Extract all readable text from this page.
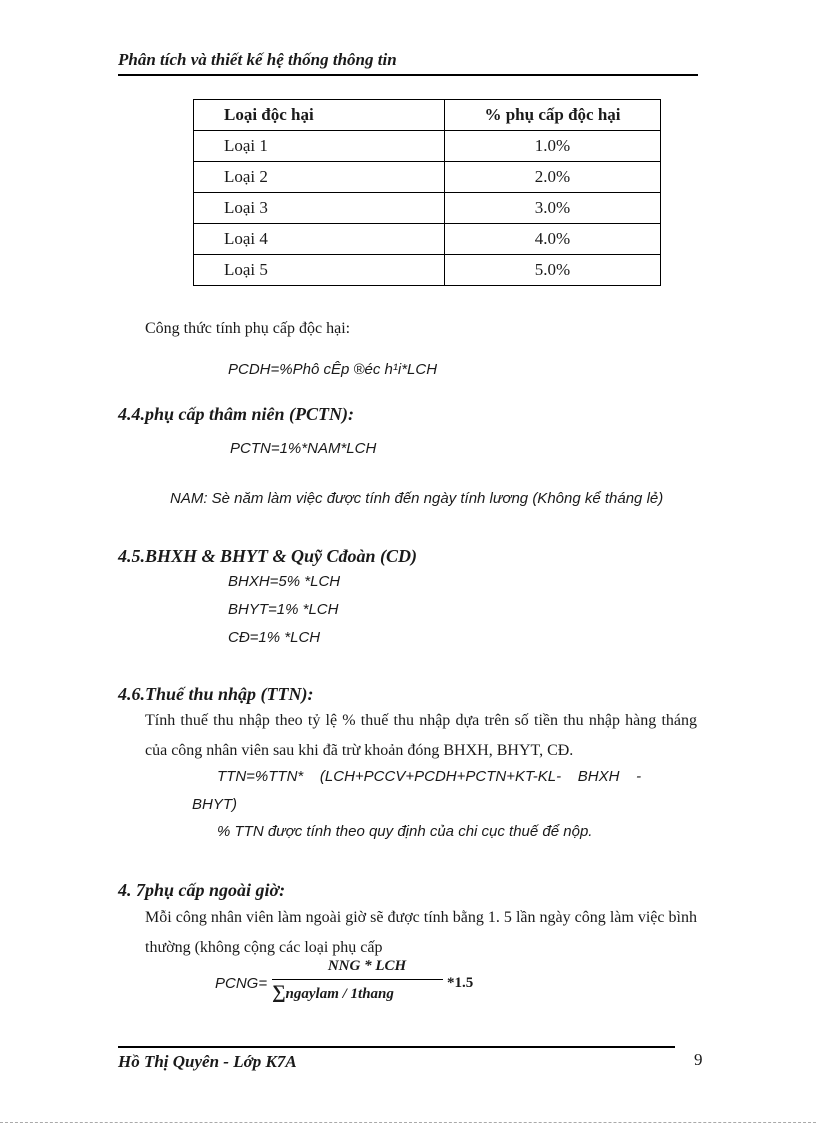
Phân tích và thiết kế hệ thống thông tin
Loại độc hại	% phụ cấp độc hại
Loại 1	1.0%
Loại 2	2.0%
Loại 3	3.0%
Loại 4	4.0%
Loại 5	5.0%
Công thức tính phụ cấp độc hại:
PCDH=%Phô cÊp ®éc h¹i*LCH
4.4.phụ cấp thâm niên (PCTN):
PCTN=1%*NAM*LCH
NAM: Sè năm làm việc được tính đến ngày tính lương (Không kể tháng lẻ)
4.5.BHXH & BHYT & Quỹ Cđoàn (CD)
BHXH=5% *LCH
BHYT=1% *LCH
CĐ=1% *LCH
4.6.Thuế thu nhập (TTN):
Tính thuế thu nhập theo tỷ lệ % thuế thu nhập dựa trên số tiền thu nhập hàng tháng của công nhân viên sau khi đã trừ khoản đóng BHXH, BHYT, CĐ.
TTN=%TTN*    (LCH+PCCV+PCDH+PCTN+KT-KL-    BHXH    -
BHYT)
% TTN được tính theo quy định của chi cục thuế để nộp.
4. 7phụ cấp ngoài giờ:
Mỗi công nhân viên làm ngoài giờ sẽ được tính bằng 1. 5 lần ngày công làm việc bình thường (không cộng các loại phụ cấp
PCNG=
NNG * LCH
∑ngaylam / 1thang
*1.5
Hồ Thị Quyên - Lớp K7A	9
